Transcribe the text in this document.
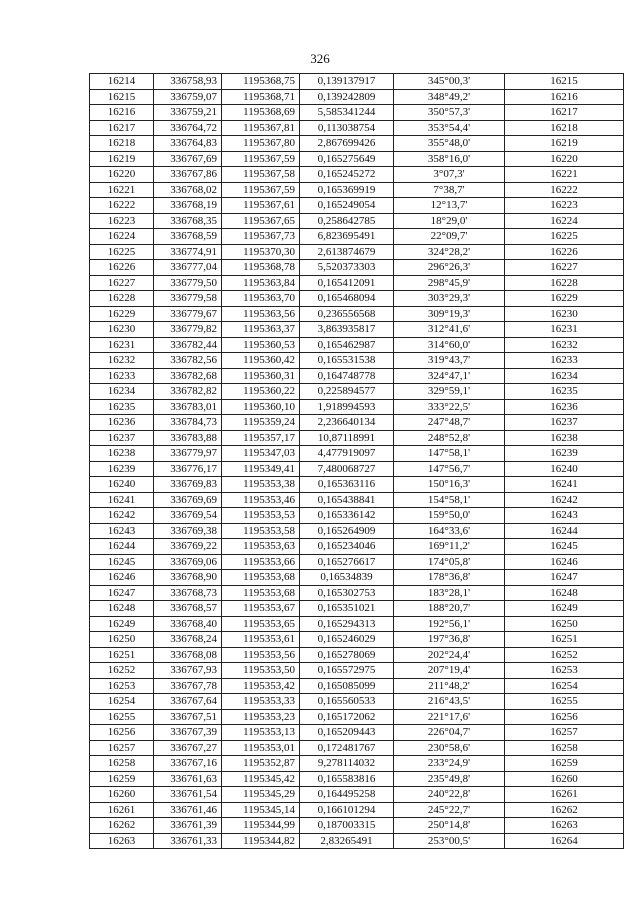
326
16214	336758,93	1195368,75	0,139137917	345°00,3'	16215
16215	336759,07	1195368,71	0,139242809	348°49,2'	16216
16216	336759,21	1195368,69	5,585341244	350°57,3'	16217
16217	336764,72	1195367,81	0,113038754	353°54,4'	16218
16218	336764,83	1195367,80	2,867699426	355°48,0'	16219
16219	336767,69	1195367,59	0,165275649	358°16,0'	16220
16220	336767,86	1195367,58	0,165245272	3°07,3'	16221
16221	336768,02	1195367,59	0,165369919	7°38,7'	16222
16222	336768,19	1195367,61	0,165249054	12°13,7'	16223
16223	336768,35	1195367,65	0,258642785	18°29,0'	16224
16224	336768,59	1195367,73	6,823695491	22°09,7'	16225
16225	336774,91	1195370,30	2,613874679	324°28,2'	16226
16226	336777,04	1195368,78	5,520373303	296°26,3'	16227
16227	336779,50	1195363,84	0,165412091	298°45,9'	16228
16228	336779,58	1195363,70	0,165468094	303°29,3'	16229
16229	336779,67	1195363,56	0,236556568	309°19,3'	16230
16230	336779,82	1195363,37	3,863935817	312°41,6'	16231
16231	336782,44	1195360,53	0,165462987	314°60,0'	16232
16232	336782,56	1195360,42	0,165531538	319°43,7'	16233
16233	336782,68	1195360,31	0,164748778	324°47,1'	16234
16234	336782,82	1195360,22	0,225894577	329°59,1'	16235
16235	336783,01	1195360,10	1,918994593	333°22,5'	16236
16236	336784,73	1195359,24	2,236640134	247°48,7'	16237
16237	336783,88	1195357,17	10,87118991	248°52,8'	16238
16238	336779,97	1195347,03	4,477919097	147°58,1'	16239
16239	336776,17	1195349,41	7,480068727	147°56,7'	16240
16240	336769,83	1195353,38	0,165363116	150°16,3'	16241
16241	336769,69	1195353,46	0,165438841	154°58,1'	16242
16242	336769,54	1195353,53	0,165336142	159°50,0'	16243
16243	336769,38	1195353,58	0,165264909	164°33,6'	16244
16244	336769,22	1195353,63	0,165234046	169°11,2'	16245
16245	336769,06	1195353,66	0,165276617	174°05,8'	16246
16246	336768,90	1195353,68	0,16534839	178°36,8'	16247
16247	336768,73	1195353,68	0,165302753	183°28,1'	16248
16248	336768,57	1195353,67	0,165351021	188°20,7'	16249
16249	336768,40	1195353,65	0,165294313	192°56,1'	16250
16250	336768,24	1195353,61	0,165246029	197°36,8'	16251
16251	336768,08	1195353,56	0,165278069	202°24,4'	16252
16252	336767,93	1195353,50	0,165572975	207°19,4'	16253
16253	336767,78	1195353,42	0,165085099	211°48,2'	16254
16254	336767,64	1195353,33	0,165560533	216°43,5'	16255
16255	336767,51	1195353,23	0,165172062	221°17,6'	16256
16256	336767,39	1195353,13	0,165209443	226°04,7'	16257
16257	336767,27	1195353,01	0,172481767	230°58,6'	16258
16258	336767,16	1195352,87	9,278114032	233°24,9'	16259
16259	336761,63	1195345,42	0,165583816	235°49,8'	16260
16260	336761,54	1195345,29	0,164495258	240°22,8'	16261
16261	336761,46	1195345,14	0,166101294	245°22,7'	16262
16262	336761,39	1195344,99	0,187003315	250°14,8'	16263
16263	336761,33	1195344,82	2,83265491	253°00,5'	16264
